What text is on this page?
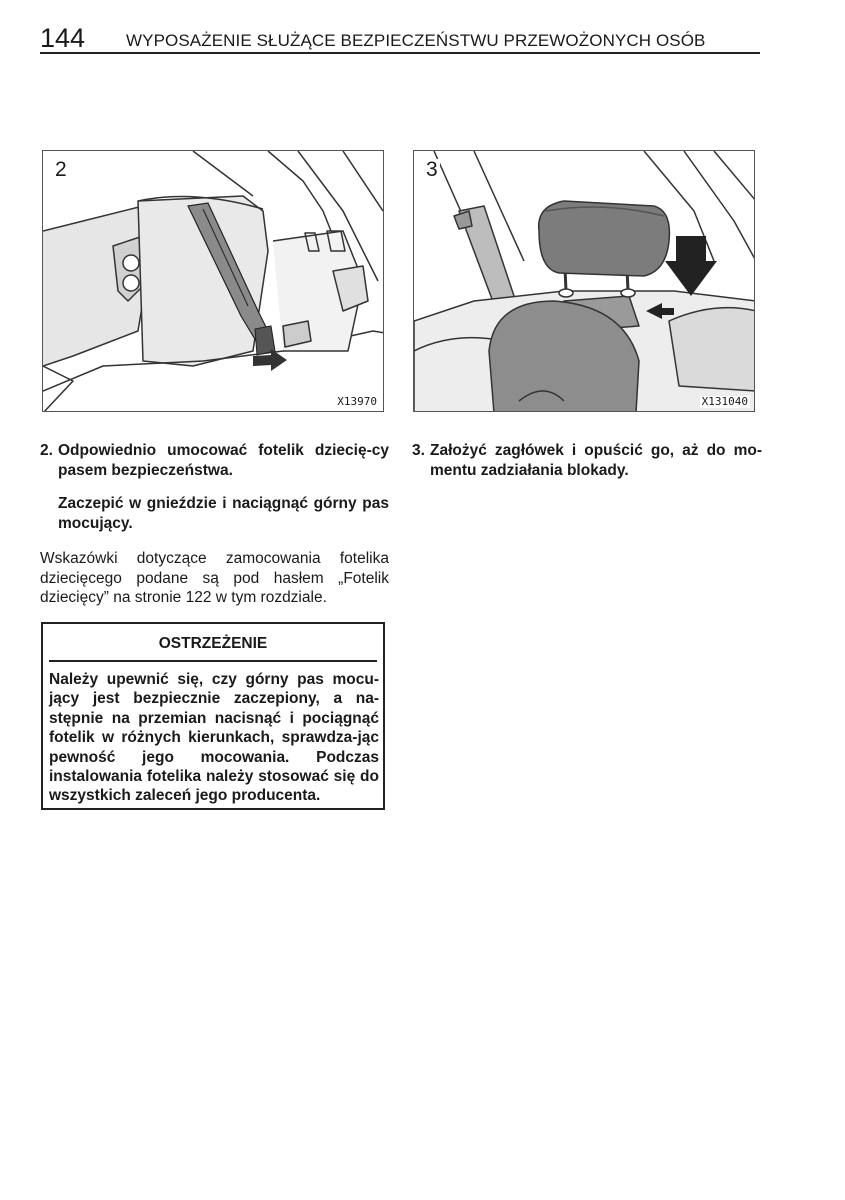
144 WYPOSAŻENIE SŁUŻĄCE BEZPIECZEŃSTWU PRZEWOŻONYCH OSÓB
2
X13970
3
X131040
2. Odpowiednio umocować fotelik dziecię-cy pasem bezpieczeństwa.
Zaczepić w gnieździe i naciągnąć górny pas mocujący.
3. Założyć zagłówek i opuścić go, aż do mo-mentu zadziałania blokady.
Wskazówki dotyczące zamocowania fotelika dziecięcego podane są pod hasłem „Fotelik dziecięcy” na stronie 122 w tym rozdziale.
OSTRZEŻENIE
Należy upewnić się, czy górny pas mocu-jący jest bezpiecznie zaczepiony, a na-stępnie na przemian nacisnąć i pociągnąć fotelik w różnych kierunkach, sprawdza-jąc pewność jego mocowania. Podczas instalowania fotelika należy stosować się do wszystkich zaleceń jego producenta.
